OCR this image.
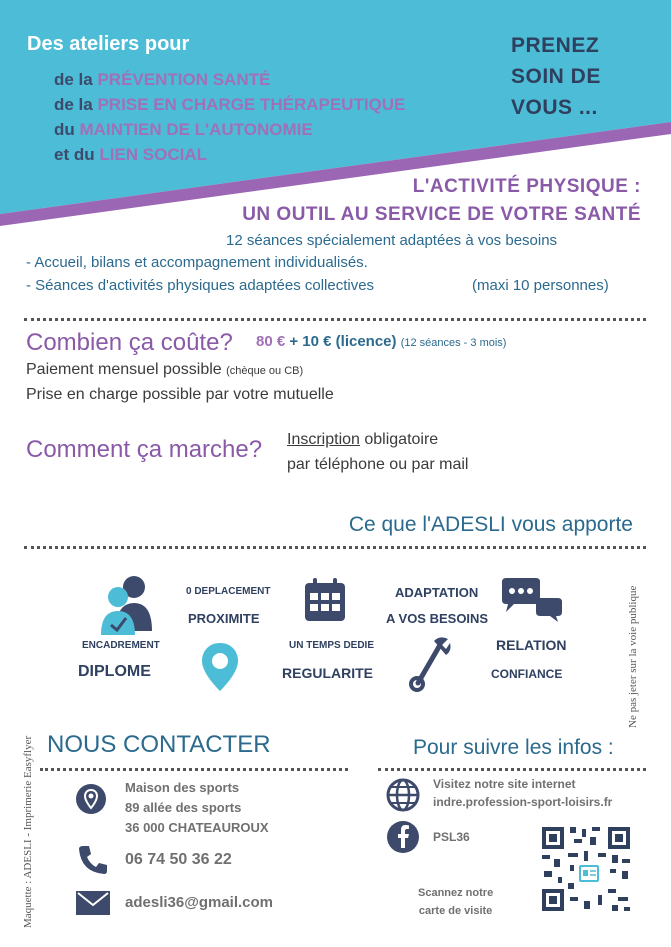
Des ateliers pour
de la PRÉVENTION SANTÉ
de la PRISE EN CHARGE THÉRAPEUTIQUE
du MAINTIEN DE L'AUTONOMIE
et du LIEN SOCIAL
PRENEZ
SOIN DE
VOUS ...
L'ACTIVITÉ PHYSIQUE :
UN OUTIL AU SERVICE DE VOTRE SANTÉ
12 séances spécialement adaptées à vos besoins
- Accueil, bilans et accompagnement individualisés.
- Séances d'activités physiques adaptées collectives	(maxi 10 personnes)
Combien ça coûte? 80 € + 10 € (licence) (12 séances - 3 mois)
Paiement mensuel possible (chèque ou CB)
Prise en charge possible par votre mutuelle
Comment ça marche? Inscription obligatoire
par téléphone ou par mail
Ce que l'ADESLI vous apporte
ENCADREMENT
DIPLOME
0 DEPLACEMENT
PROXIMITE
UN TEMPS DEDIE
REGULARITE
ADAPTATION
A VOS BESOINS
RELATION
CONFIANCE	Ne pas jeter sur la voie publique
NOUS CONTACTER
Maison des sports
89 allée des sports
36 000 CHATEAUROUX
06 74 50 36 22
adesli36@gmail.com
Maquette : ADESLI - Imprimerie Easyflyer	Pour suivre les infos :
Visitez notre site internet
indre.profession-sport-loisirs.fr
PSL36
Scannez notre
carte de visite
